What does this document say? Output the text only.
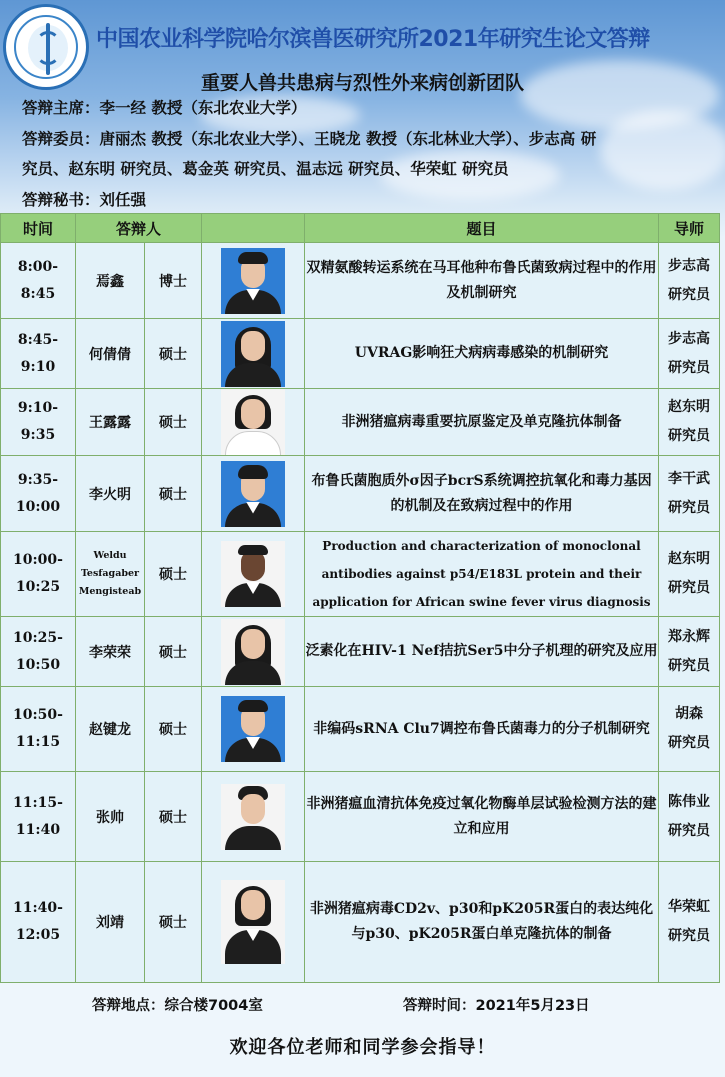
中国农业科学院哈尔滨兽医研究所2021年研究生论文答辩
重要人兽共患病与烈性外来病创新团队
答辩主席：李一经 教授（东北农业大学）
答辩委员：唐丽杰 教授（东北农业大学）、王晓龙 教授（东北林业大学）、步志高 研
究员、赵东明 研究员、葛金英 研究员、温志远 研究员、华荣虹 研究员
答辩秘书：刘任强
时间	答辩人			题目	导师
8:00-
8:45	焉鑫	博士		双精氨酸转运系统在马耳他种布鲁氏菌致病过程中的作用及机制研究	步志高
研究员
8:45-
9:10	何倩倩	硕士		UVRAG影响狂犬病病毒感染的机制研究	步志高
研究员
9:10-
9:35	王露露	硕士		非洲猪瘟病毒重要抗原鉴定及单克隆抗体制备	赵东明
研究员
9:35-
10:00	李火明	硕士		布鲁氏菌胞质外σ因子bcrS系统调控抗氧化和毒力基因的机制及在致病过程中的作用	李干武
研究员
10:00-
10:25	Weldu
Tesfagaber
Mengisteab	硕士		Production and characterization of monoclonal
antibodies against p54/E183L protein and their
application for African swine fever virus diagnosis	赵东明
研究员
10:25-
10:50	李荣荣	硕士		泛素化在HIV-1 Nef拮抗Ser5中分子机理的研究及应用	郑永辉
研究员
10:50-
11:15	赵键龙	硕士		非编码sRNA Clu7调控布鲁氏菌毒力的分子机制研究	胡森
研究员
11:15-
11:40	张帅	硕士		非洲猪瘟血清抗体免疫过氧化物酶单层试验检测方法的建立和应用	陈伟业
研究员
11:40-
12:05	刘靖	硕士		非洲猪瘟病毒CD2v、p30和pK205R蛋白的表达纯化与p30、pK205R蛋白单克隆抗体的制备	华荣虹
研究员
答辩地点：综合楼7004室	答辩时间：2021年5月23日
欢迎各位老师和同学参会指导！
